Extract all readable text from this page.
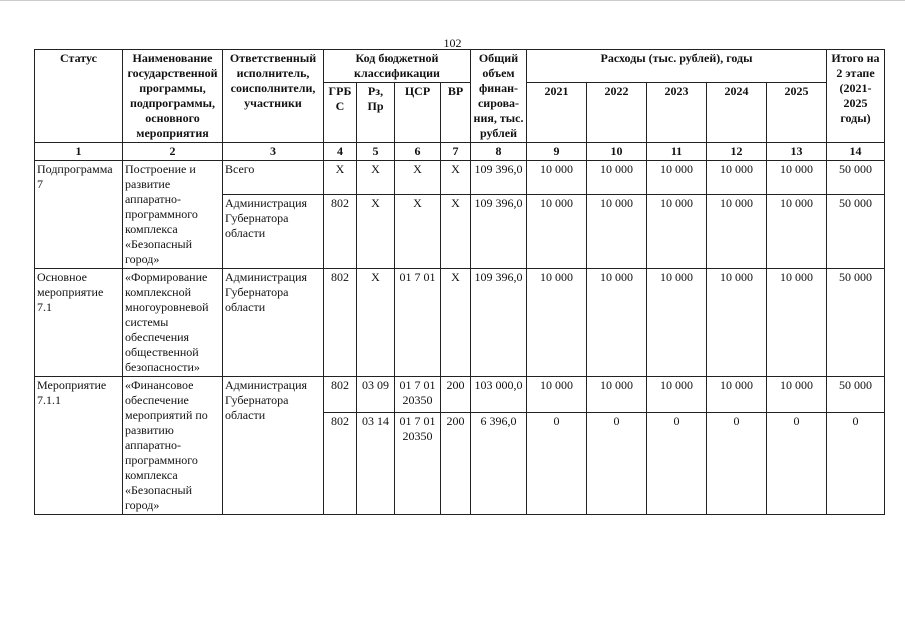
102
Статус	Наименование государственной программы, подпрограммы, основного мероприятия	Ответственный исполнитель, соисполнители, участники	Код бюджетной классификации				Общий объем финан-сирова-ния, тыс. рублей	Расходы (тыс. рублей), годы					Итого на 2 этапе (2021-2025 годы)
			ГРБ С	Рз, Пр	ЦСР	ВР		2021	2022	2023	2024	2025	
1	2	3	4	5	6	7	8	9	10	11	12	13	14
Подпрограмма 7	Построение и развитие аппаратно-программного комплекса «Безопасный город»	Всего	X	X	X	X	109 396,0	10 000	10 000	10 000	10 000	10 000	50 000
		Администрация Губернатора области	802	X	X	X	109 396,0	10 000	10 000	10 000	10 000	10 000	50 000
Основное мероприятие 7.1	«Формирование комплексной многоуровневой системы обеспечения общественной безопасности»	Администрация Губернатора области	802	X	01 7 01	X	109 396,0	10 000	10 000	10 000	10 000	10 000	50 000
Мероприятие 7.1.1	«Финансовое обеспечение мероприятий по развитию аппаратно-программного комплекса «Безопасный город»	Администрация Губернатора области	802	03 09	01 7 01 20350	200	103 000,0	10 000	10 000	10 000	10 000	10 000	50 000
			802	03 14	01 7 01 20350	200	6 396,0	0	0	0	0	0	0
